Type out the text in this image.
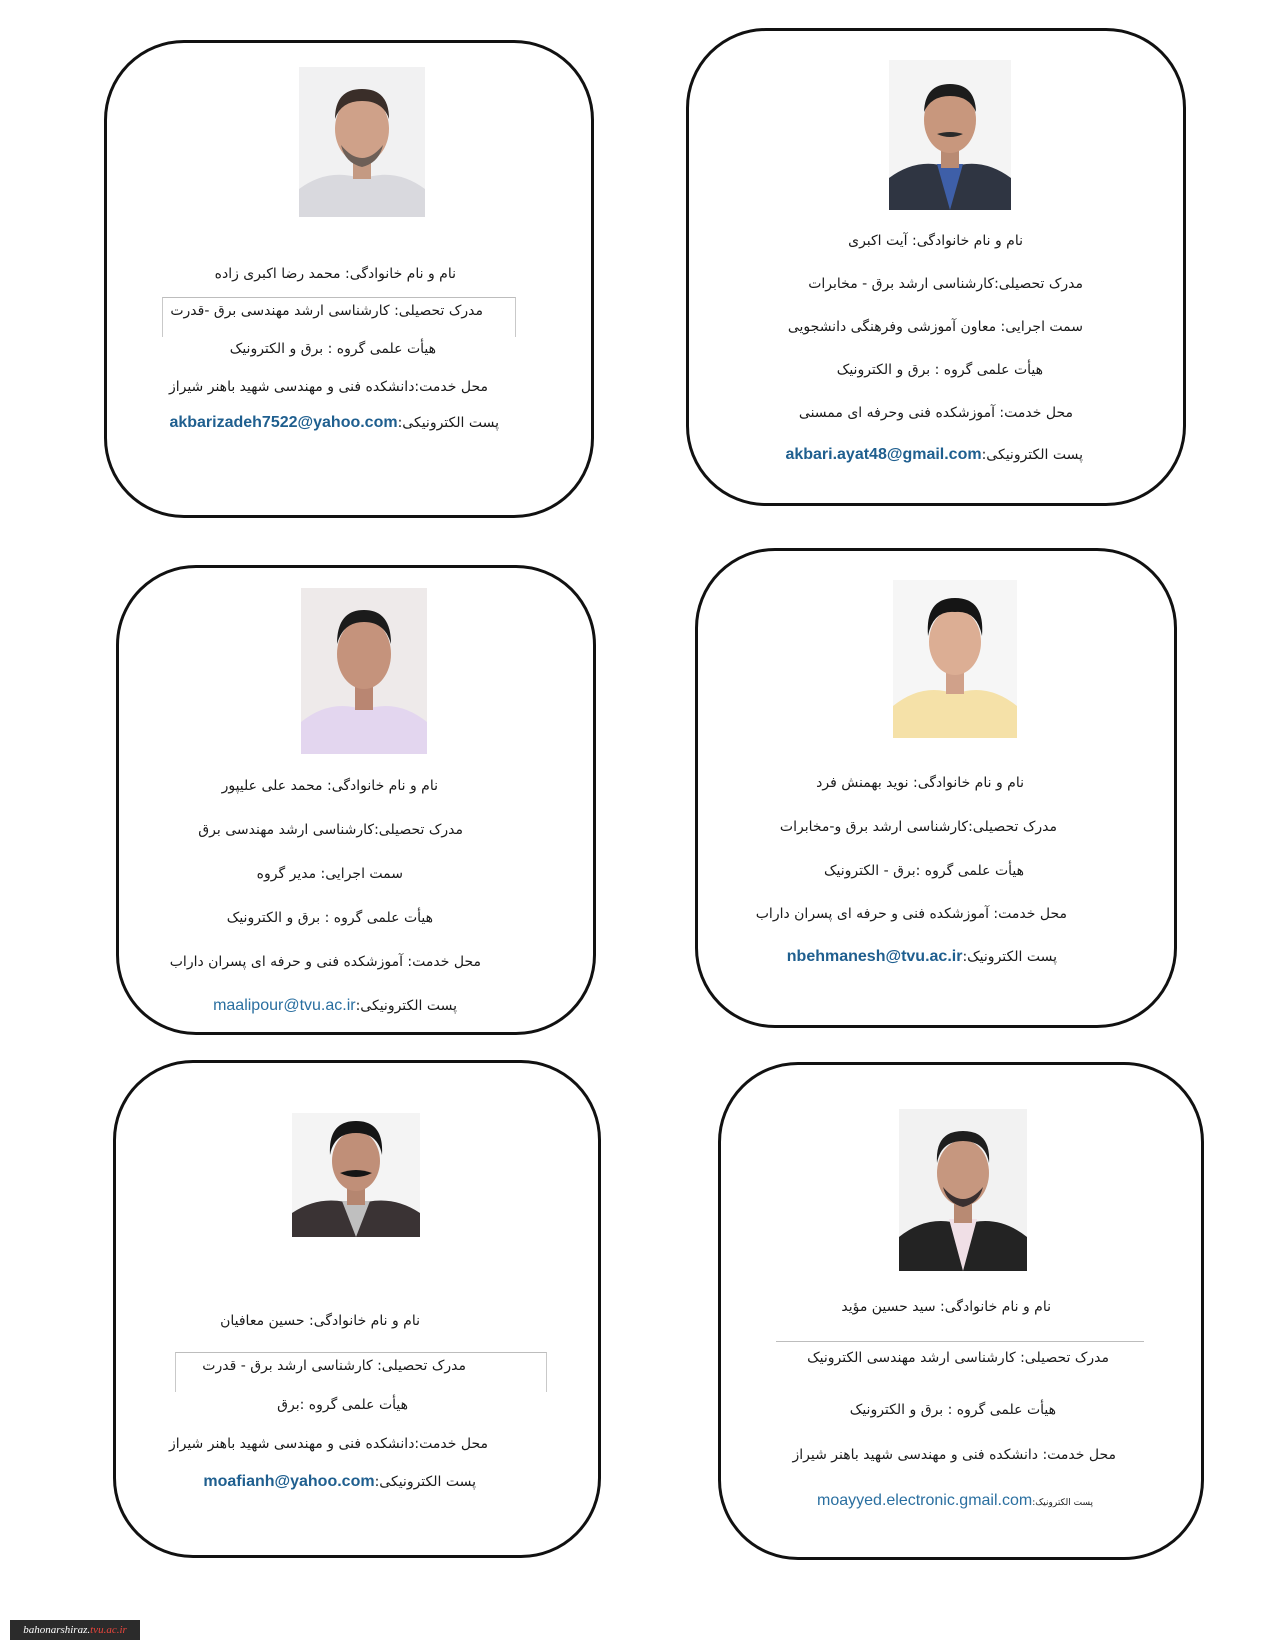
نام و نام خانوادگی: آیت اکبری
مدرک تحصیلی:کارشناسی ارشد برق - مخابرات
سمت اجرایی: معاون آموزشی وفرهنگی دانشجویی
هیأت علمی گروه : برق و الکترونیک
محل خدمت: آموزشکده فنی وحرفه ای ممسنی
پست الکترونیکی:akbari.ayat48@gmail.com
نام و نام خانوادگی: محمد رضا اکبری زاده
مدرک تحصیلی: کارشناسی ارشد مهندسی برق -قدرت
هیأت علمی گروه : برق و الکترونیک
محل خدمت:دانشکده فنی و مهندسی شهید باهنر شیراز
پست الکترونیکی:akbarizadeh7522@yahoo.com
نام و نام خانوادگی: نوید بهمنش فرد
مدرک تحصیلی:کارشناسی ارشد برق و-مخابرات
هیأت علمی گروه :برق - الکترونیک
محل خدمت: آموزشکده فنی و حرفه ای پسران داراب
پست الکترونیک:nbehmanesh@tvu.ac.ir
نام و نام خانوادگی: محمد علی علیپور
مدرک تحصیلی:کارشناسی ارشد مهندسی برق
سمت اجرایی: مدیر گروه
هیأت علمی گروه : برق و الکترونیک
محل خدمت: آموزشکده فنی و حرفه ای پسران داراب
پست الکترونیکی:maalipour@tvu.ac.ir
نام و نام خانوادگی: سید حسین مؤید
مدرک تحصیلی: کارشناسی ارشد مهندسی الکترونیک
هیأت علمی گروه : برق و الکترونیک
محل خدمت: دانشکده فنی و مهندسی شهید باهنر شیراز
پست الکترونیک:moayyed.electronic.gmail.com
نام و نام خانوادگی: حسین معافیان
مدرک تحصیلی: کارشناسی ارشد برق - قدرت
هیأت علمی گروه :برق
محل خدمت:دانشکده فنی و مهندسی شهید باهنر شیراز
پست الکترونیکی:moafianh@yahoo.com
bahonarshiraz.tvu.ac.ir
